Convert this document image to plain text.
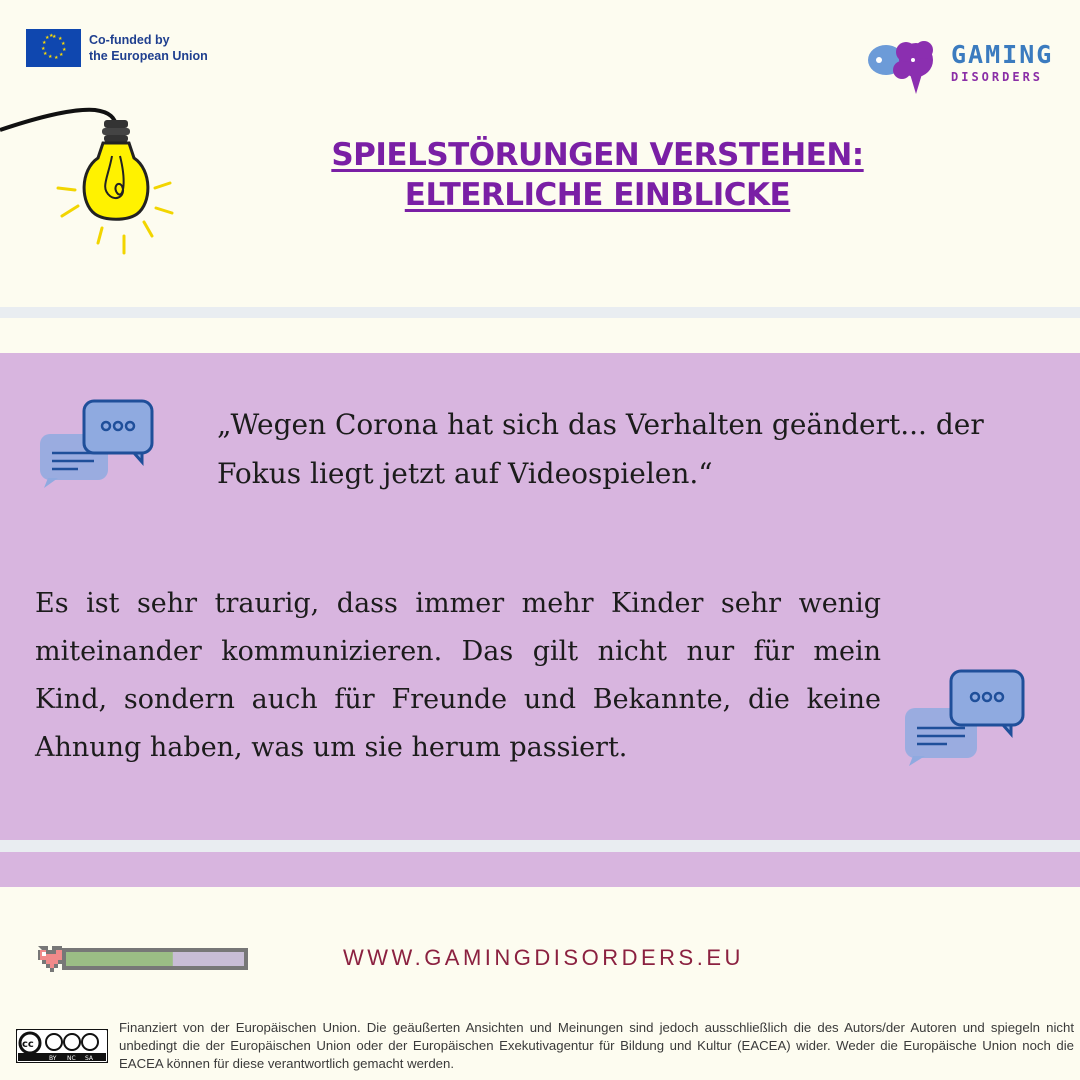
★ ★
★
★
★
★
★
★
★
★
★ ★	Co-funded by
the European Union	GAMING
DISORDERS
SPIELSTÖRUNGEN VERSTEHEN:
ELTERLICHE EINBLICKE
„Wegen Corona hat sich das Verhalten geändert... der Fokus liegt jetzt auf Videospielen.“
Es ist sehr traurig, dass immer mehr Kinder sehr wenig miteinander kommunizieren. Das gilt nicht nur für mein Kind, sondern auch für Freunde und Bekannte, die keine Ahnung haben, was um sie herum passiert.
WWW.GAMINGDISORDERS.EU
cc
BY NC SA
Finanziert von der Europäischen Union. Die geäußerten Ansichten und Meinungen sind jedoch ausschließlich die des Autors/der Autoren und spiegeln nicht unbedingt die der Europäischen Union oder der Europäischen Exekutivagentur für Bildung und Kultur (EACEA) wider. Weder die Europäische Union noch die EACEA können für diese verantwortlich gemacht werden.
